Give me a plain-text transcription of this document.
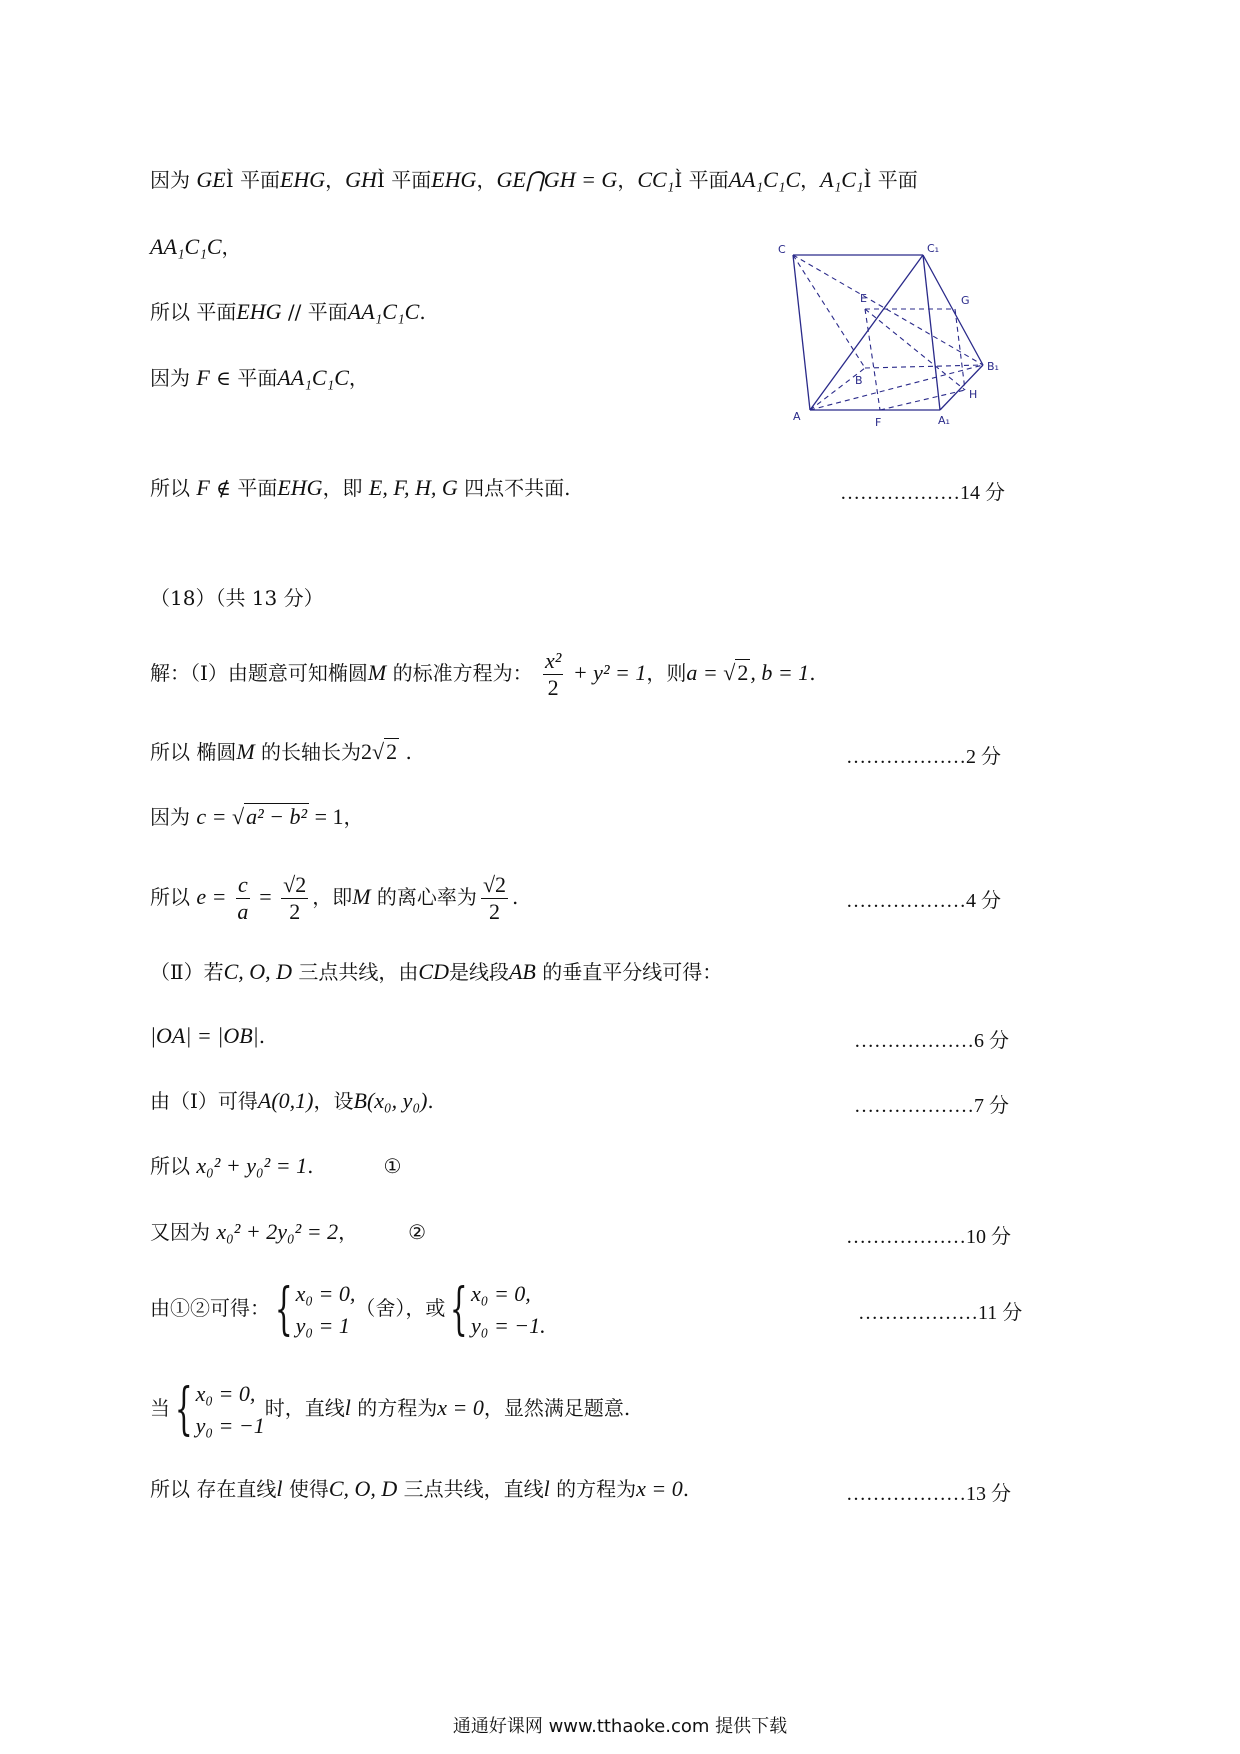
因为 GEÌ 平面EHG，GHÌ 平面EHG，GE⋂GH = G，CC₁Ì 平面AA₁C₁C，A₁C₁Ì 平面
AA₁C₁C，
所以 平面EHG // 平面AA₁C₁C.
因为 F ∈ 平面AA₁C₁C，
C	C₁
E	G
B
B₁
H
A	F	A₁
所以 F ∉ 平面EHG，即 E, F, H, G 四点不共面.	………………14 分
（18）（共 13 分）
解：（Ⅰ）由题意可知椭圆M 的标准方程为： $\frac{\text{x²}}{2} + y^2 = 1$，则a = √2, b = 1.
所以 椭圆M 的长轴长为2√2 .	………………2 分
因为 c = √a² − b² = 1，
所以 $e = \frac{c}{a} = \frac{√2}{2}$ ，即M 的离心率为 $\frac{√2}{2}$ .	………………4 分
（Ⅱ）若C, O, D 三点共线，由CD是线段AB 的垂直平分线可得：
|OA| = |OB|.	………………6 分
由（Ⅰ）可得A(0,1)，设B(x₀, y₀).	………………7 分
所以 x₀² + y₀² = 1.	①
又因为 x₀² + 2y₀² = 2，	②	………………10 分
由①②可得：{ x₀ = 0,
y₀ = 1
（舍），或{ x₀ = 0,
y₀ = −1.	………………11 分
当{ x₀ = 0,
y₀ = −1
时，直线l 的方程为x = 0，显然满足题意.
所以 存在直线l 使得C, O, D 三点共线，直线l 的方程为x = 0.	………………13 分
通通好课网 www.tthaoke.com 提供下载
